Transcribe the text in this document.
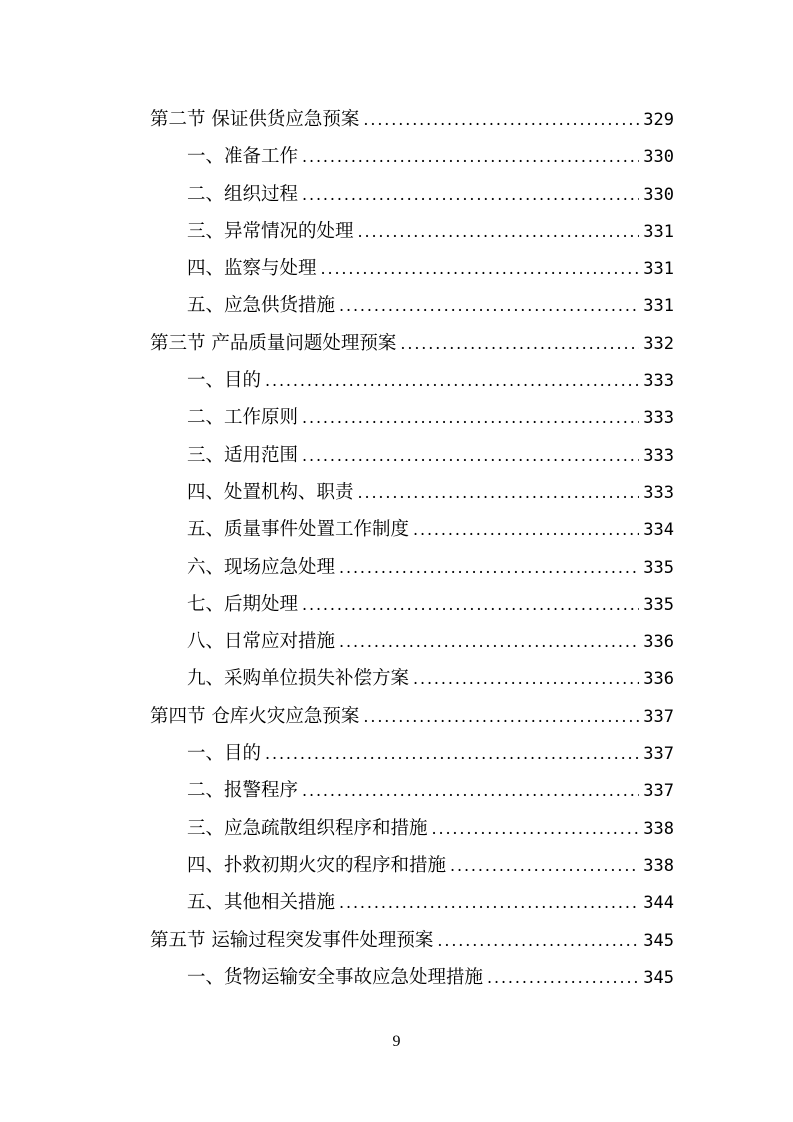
第二节 保证供货应急预案 . . .	329
一、准备工作 . . .	330
二、组织过程 . . .	330
三、异常情况的处理 . . .	331
四、监察与处理 . . .	331
五、应急供货措施 . . .	331
第三节 产品质量问题处理预案 . . .	332
一、目的 . . .	333
二、工作原则 . . .	333
三、适用范围 . . .	333
四、处置机构、职责 . . .	333
五、质量事件处置工作制度 . . .	334
六、现场应急处理 . . .	335
七、后期处理 . . .	335
八、日常应对措施 . . .	336
九、采购单位损失补偿方案 . . .	336
第四节 仓库火灾应急预案 . . .	337
一、目的 . . .	337
二、报警程序 . . .	337
三、应急疏散组织程序和措施 . . .	338
四、扑救初期火灾的程序和措施 . . .	338
五、其他相关措施 . . .	344
第五节 运输过程突发事件处理预案 . . .	345
一、货物运输安全事故应急处理措施 . . .	345
9
